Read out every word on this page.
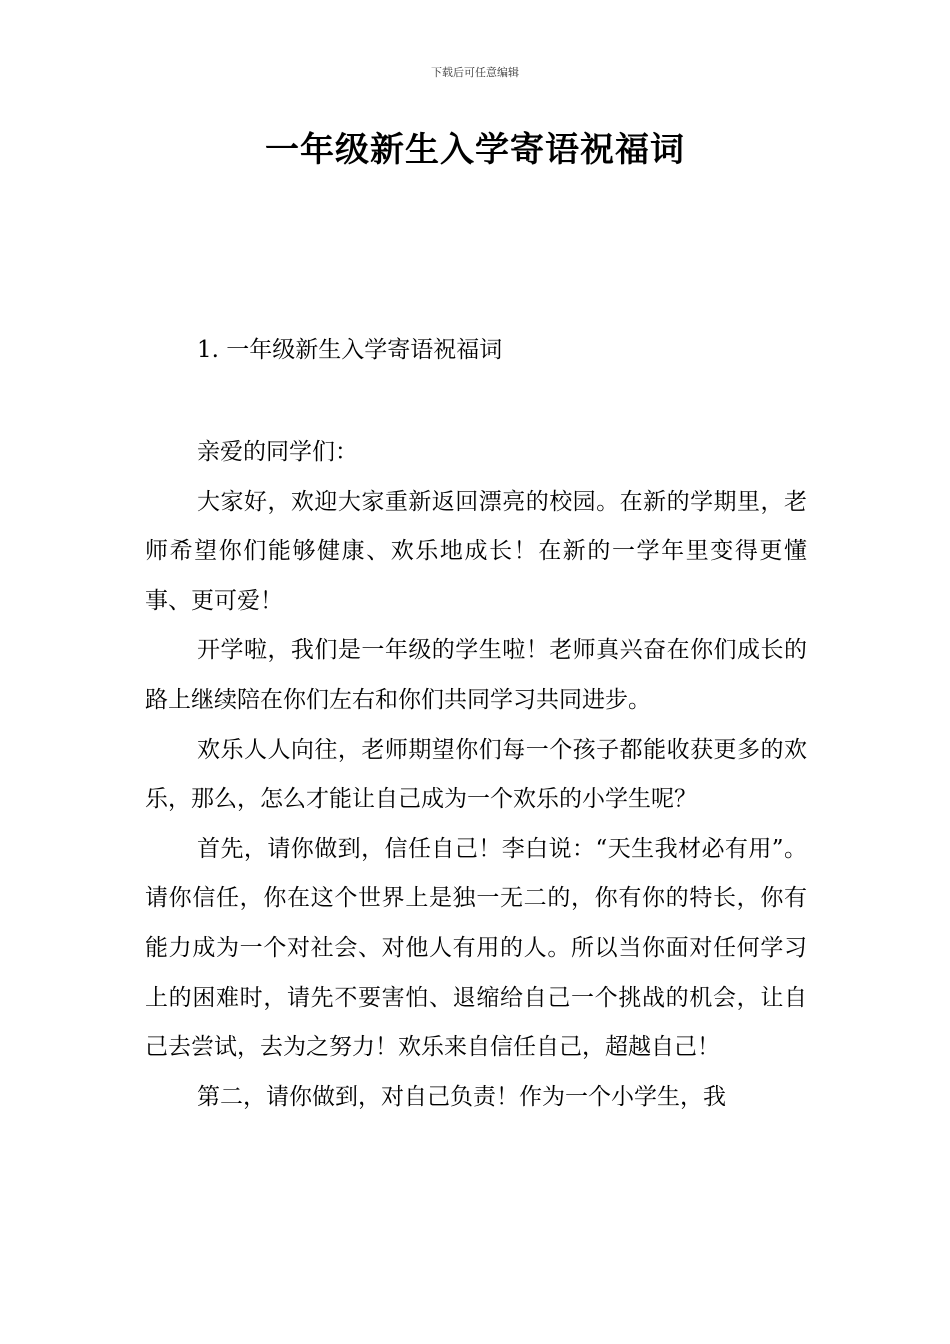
下载后可任意编辑
一年级新生入学寄语祝福词
1. 一年级新生入学寄语祝福词

亲爱的同学们：

大家好，欢迎大家重新返回漂亮的校园。在新的学期里，老师希望你们能够健康、欢乐地成长！在新的一学年里变得更懂事、更可爱！

开学啦，我们是一年级的学生啦！老师真兴奋在你们成长的路上继续陪在你们左右和你们共同学习共同进步。

欢乐人人向往，老师期望你们每一个孩子都能收获更多的欢乐，那么，怎么才能让自己成为一个欢乐的小学生呢？

首先，请你做到，信任自己！李白说：“天生我材必有用”。请你信任，你在这个世界上是独一无二的，你有你的特长，你有能力成为一个对社会、对他人有用的人。所以当你面对任何学习上的困难时，请先不要害怕、退缩给自己一个挑战的机会，让自己去尝试，去为之努力！欢乐来自信任自己，超越自己！

第二，请你做到，对自己负责！作为一个小学生，我
